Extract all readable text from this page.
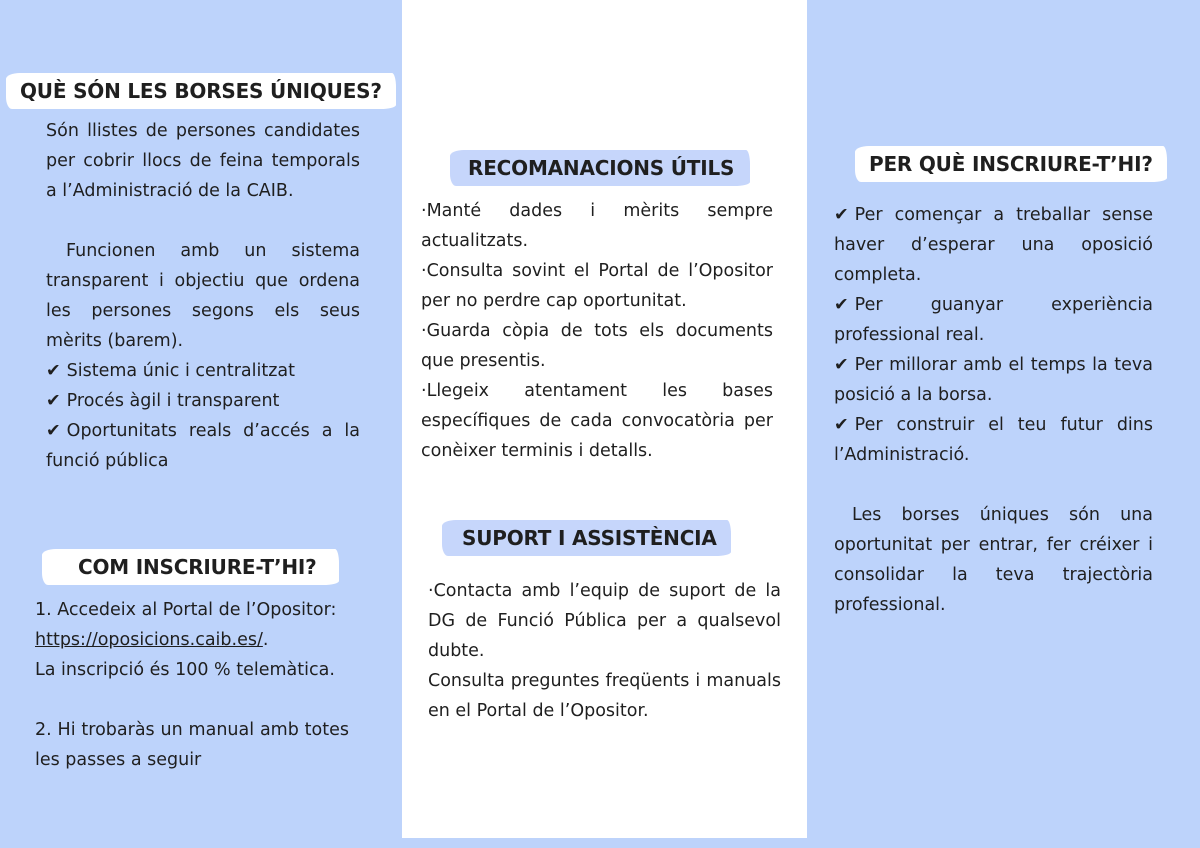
QUÈ SÓN LES BORSES ÚNIQUES?

Són llistes de persones candidates per cobrir llocs de feina temporals a l’Administració de la CAIB.

Funcionen amb un sistema transparent i objectiu que ordena les persones segons els seus mèrits (barem).

✔ Sistema únic i centralitzat

✔ Procés àgil i transparent

✔ Oportunitats reals d’accés a la funció pública

COM INSCRIURE-T’HI?

1. Accedeix al Portal de l’Opositor:

https://oposicions.caib.es/.

La inscripció és 100 % telemàtica.

2. Hi trobaràs un manual amb totes les passes a seguir

RECOMANACIONS ÚTILS

·Manté dades i mèrits sempre actualitzats.

·Consulta sovint el Portal de l’Opositor per no perdre cap oportunitat.

·Guarda còpia de tots els documents que presentis.

·Llegeix atentament les bases específiques de cada convocatòria per conèixer terminis i detalls.

SUPORT I ASSISTÈNCIA

·Contacta amb l’equip de suport de la DG de Funció Pública per a qualsevol dubte.

Consulta preguntes freqüents i manuals en el Portal de l’Opositor.

PER QUÈ INSCRIURE-T’HI?

✔ Per començar a treballar sense haver d’esperar una oposició completa.

✔ Per guanyar experiència professional real.

✔ Per millorar amb el temps la teva posició a la borsa.

✔ Per construir el teu futur dins l’Administració.

Les borses úniques són una oportunitat per entrar, fer créixer i consolidar la teva trajectòria professional.
